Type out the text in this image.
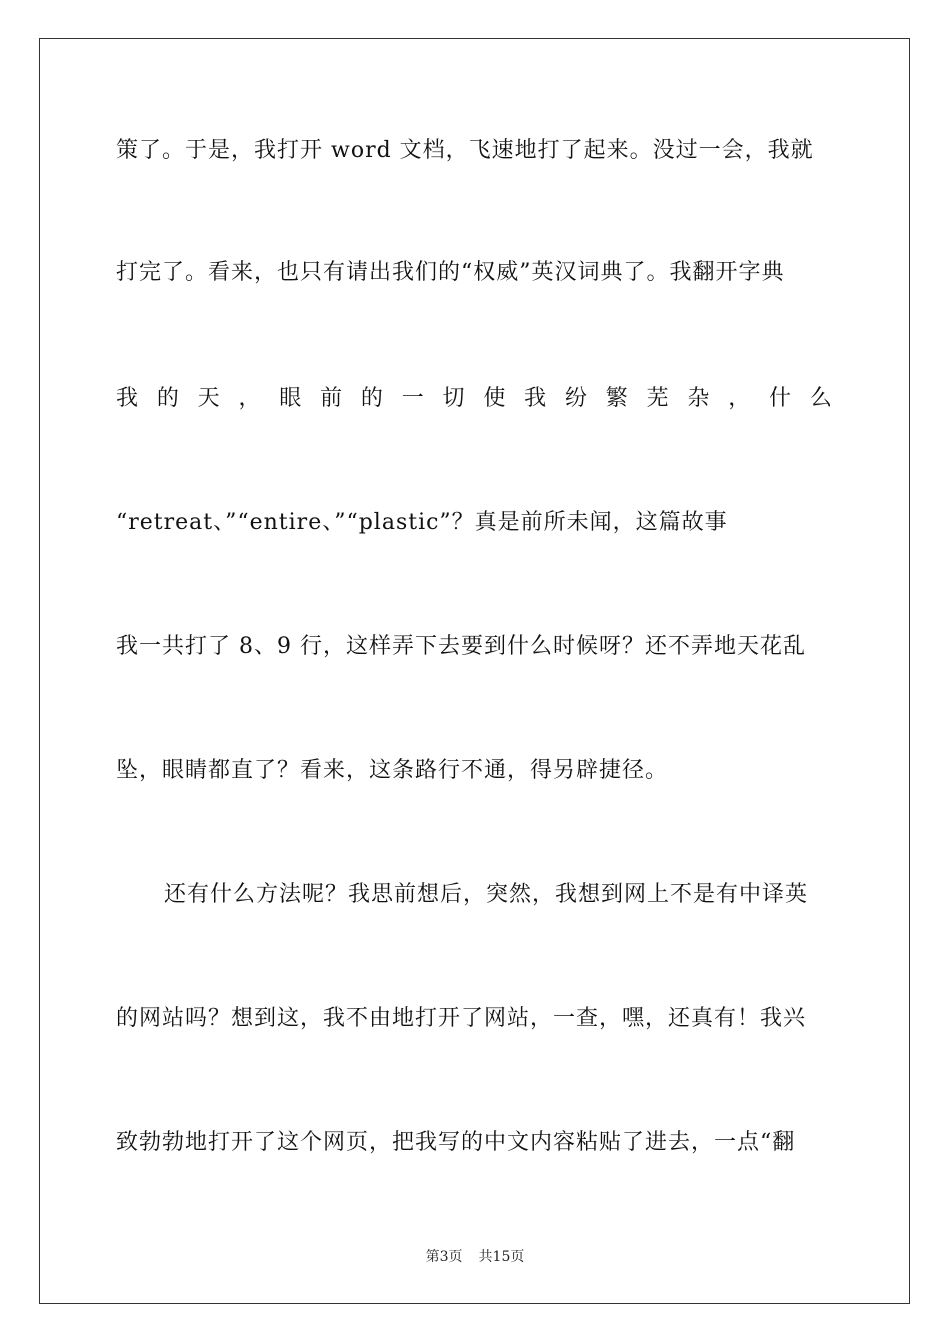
策了。于是，我打开 word 文档，飞速地打了起来。没过一会，我就
打完了。看来，也只有请出我们的“权威”英汉词典了。我翻开字典
我 的 天 ， 眼 前 的 一 切 使 我 纷 繁 芜 杂 ， 什 么
“retreat、”“entire、”“plastic”？真是前所未闻，这篇故事
我一共打了 8、9 行，这样弄下去要到什么时候呀？还不弄地天花乱
坠，眼睛都直了？看来，这条路行不通，得另辟捷径。
还有什么方法呢？我思前想后，突然，我想到网上不是有中译英
的网站吗？想到这，我不由地打开了网站，一查，嘿，还真有！我兴
致勃勃地打开了这个网页，把我写的中文内容粘贴了进去，一点“翻
第3页 共15页
